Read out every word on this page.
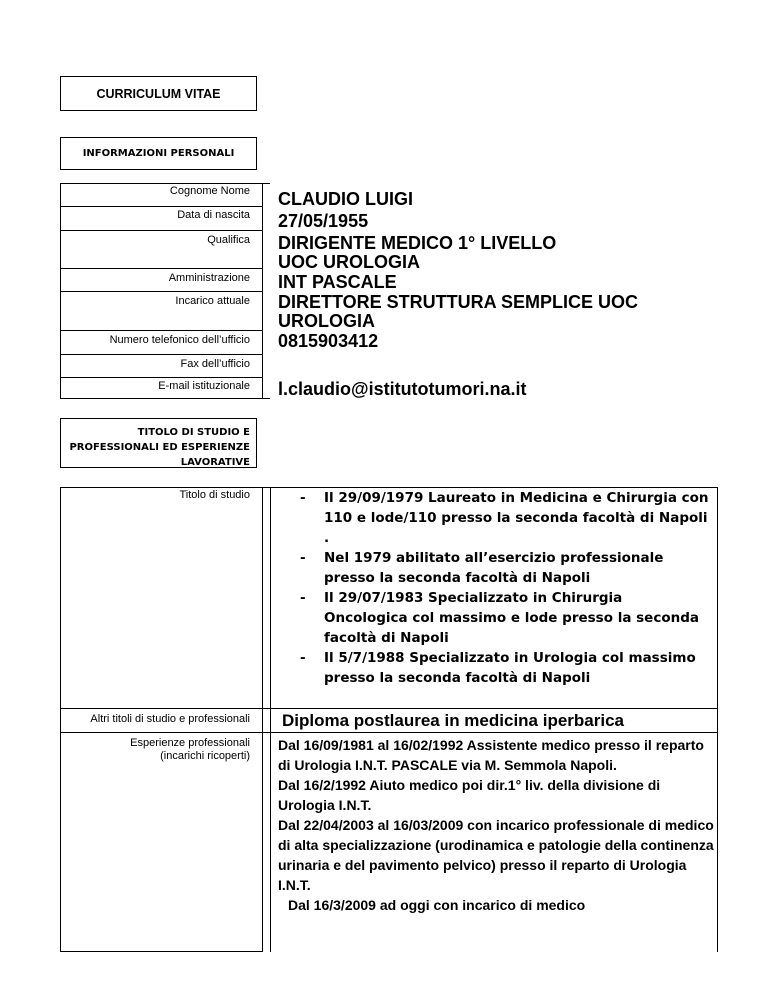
CURRICULUM VITAE
INFORMAZIONI PERSONALI
Cognome Nome
Data di nascita
Qualifica
Amministrazione
Incarico attuale
Numero telefonico dell’ufficio
Fax dell’ufficio
E-mail istituzionale
CLAUDIO LUIGI
27/05/1955
DIRIGENTE MEDICO 1° LIVELLO UOC UROLOGIA
INT PASCALE
DIRETTORE STRUTTURA SEMPLICE UOC UROLOGIA
0815903412
l.claudio@istitutotumori.na.it
TITOLO DI STUDIO E PROFESSIONALI ED ESPERIENZE LAVORATIVE
Titolo di studio
-	Il 29/09/1979 Laureato in Medicina e Chirurgia con 110 e lode/110 presso la seconda facoltà di Napoli .
- Nel 1979 abilitato all’esercizio professionale presso la seconda facoltà di Napoli
- Il 29/07/1983 Specializzato in Chirurgia Oncologica col massimo e lode presso la seconda facoltà di Napoli
- Il 5/7/1988 Specializzato in Urologia col massimo presso la seconda facoltà di Napoli
Altri titoli di studio e professionali Diploma postlaurea in medicina iperbarica
Esperienze professionali
(incarichi ricoperti)

Dal 16/09/1981 al 16/02/1992 Assistente medico presso il reparto di Urologia I.N.T. PASCALE via M. Semmola Napoli.

Dal 16/2/1992 Aiuto medico poi dir.1° liv. della divisione di Urologia I.N.T.

Dal 22/04/2003 al 16/03/2009 con incarico professionale di medico di alta specializzazione (urodinamica e patologie della continenza urinaria e del pavimento pelvico) presso il reparto di Urologia I.N.T.

Dal 16/3/2009 ad oggi con incarico di medico
